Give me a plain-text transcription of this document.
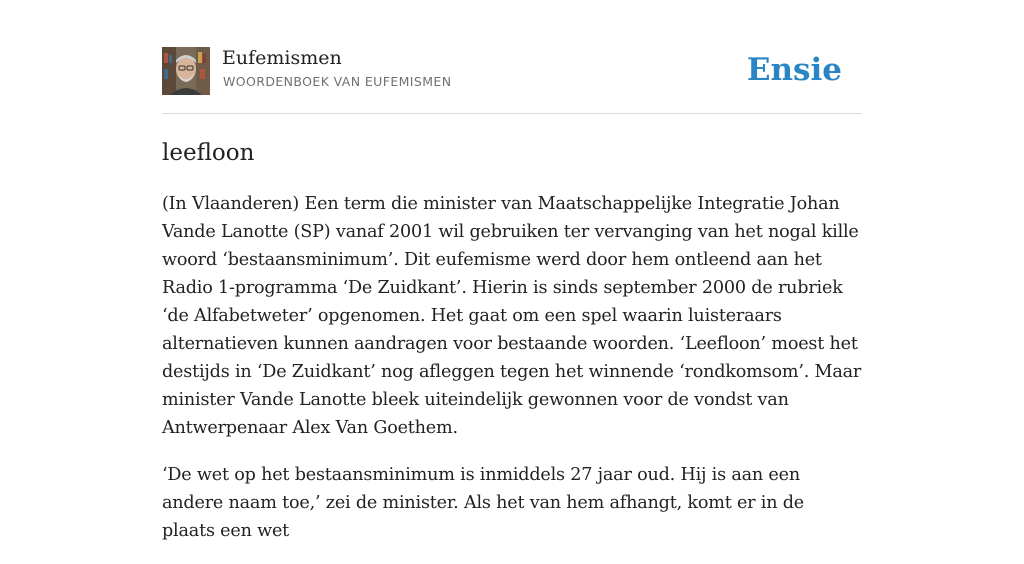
Eufemismen
WOORDENBOEK VAN EUFEMISMEN	Ensie
leefloon

(In Vlaanderen) Een term die minister van Maatschappelijke Integratie Johan Vande Lanotte (SP) vanaf 2001 wil gebruiken ter vervanging van het nogal kille woord ‘bestaansminimum’. Dit eufemisme werd door hem ontleend aan het Radio 1-programma ‘De Zuidkant’. Hierin is sinds september 2000 de rubriek ‘de Alfabetweter’ opgenomen. Het gaat om een spel waarin luisteraars alternatieven kunnen aandragen voor bestaande woorden. ‘Leefloon’ moest het destijds in ‘De Zuidkant’ nog afleggen tegen het winnende ‘rondkomsom’. Maar minister Vande Lanotte bleek uiteindelijk gewonnen voor de vondst van Antwerpenaar Alex Van Goethem.

‘De wet op het bestaansminimum is inmiddels 27 jaar oud. Hij is aan een andere naam toe,’ zei de minister. Als het van hem afhangt, komt er in de plaats een wet
